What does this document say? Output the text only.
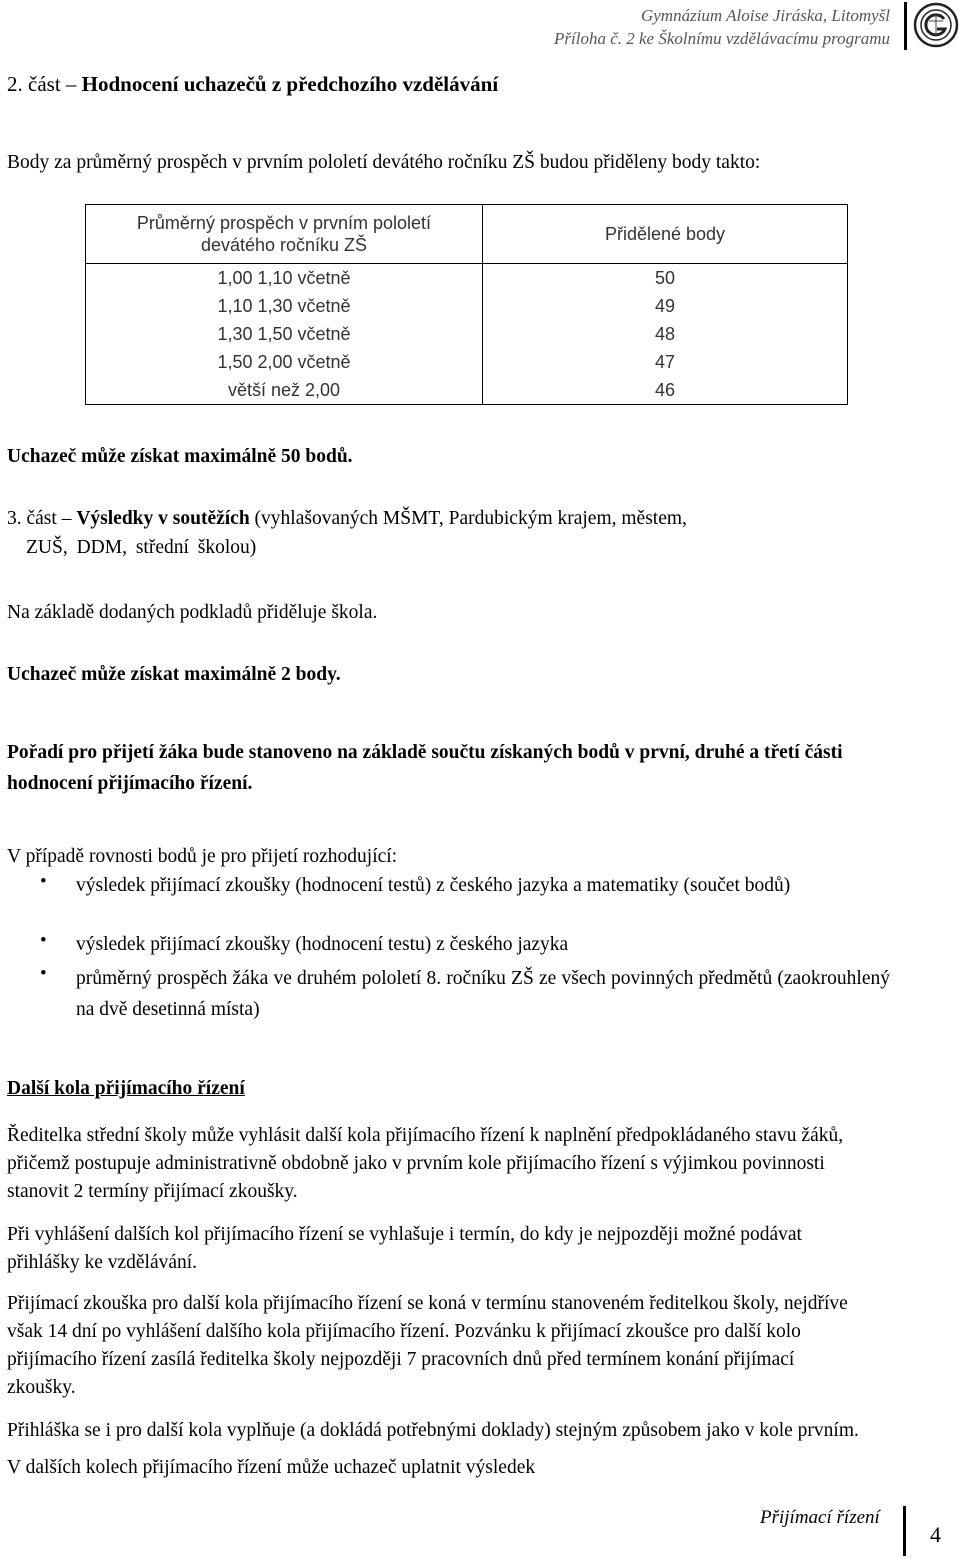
Gymnázium Aloise Jiráska, Litomyšl
Příloha č. 2 ke Školnímu vzdělávacímu programu
2. část – Hodnocení uchazečů z předchozího vzdělávání
Body za průměrný prospěch v prvním pololetí devátého ročníku ZŠ budou přiděleny body takto:
Průměrný prospěch v prvním pololetí
devátého ročníku ZŠ	Přidělené body
1,00 1,10 včetně	50
1,10 1,30 včetně	49
1,30 1,50 včetně	48
1,50 2,00 včetně	47
větší než 2,00	46
Uchazeč může získat maximálně 50 bodů.
3. část – Výsledky v soutěžích (vyhlašovaných MŠMT, Pardubickým krajem, městem,
ZUŠ, DDM, střední školou)
Na základě dodaných podkladů přiděluje škola.
Uchazeč může získat maximálně 2 body.
Pořadí pro přijetí žáka bude stanoveno na základě součtu získaných bodů v první, druhé a třetí části hodnocení přijímacího řízení.
V případě rovnosti bodů je pro přijetí rozhodující:
• výsledek přijímací zkoušky (hodnocení testů) z českého jazyka a matematiky (součet bodů)
• výsledek přijímací zkoušky (hodnocení testu) z českého jazyka
• průměrný prospěch žáka ve druhém pololetí 8. ročníku ZŠ ze všech povinných předmětů (zaokrouhlený na dvě desetinná místa)
Další kola přijímacího řízení
Ředitelka střední školy může vyhlásit další kola přijímacího řízení k naplnění předpokládaného stavu žáků, přičemž postupuje administrativně obdobně jako v prvním kole přijímacího řízení s výjimkou povinnosti stanovit 2 termíny přijímací zkoušky.
Při vyhlášení dalších kol přijímacího řízení se vyhlašuje i termín, do kdy je nejpozději možné podávat přihlášky ke vzdělávání.
Přijímací zkouška pro další kola přijímacího řízení se koná v termínu stanoveném ředitelkou školy, nejdříve však 14 dní po vyhlášení dalšího kola přijímacího řízení. Pozvánku k přijímací zkoušce pro další kolo přijímacího řízení zasílá ředitelka školy nejpozději 7 pracovních dnů před termínem konání přijímací zkoušky.
Přihláška se i pro další kola vyplňuje (a dokládá potřebnými doklady) stejným způsobem jako v kole prvním. V dalších kolech přijímacího řízení může uchazeč uplatnit výsledek
Přijímací řízení
4
